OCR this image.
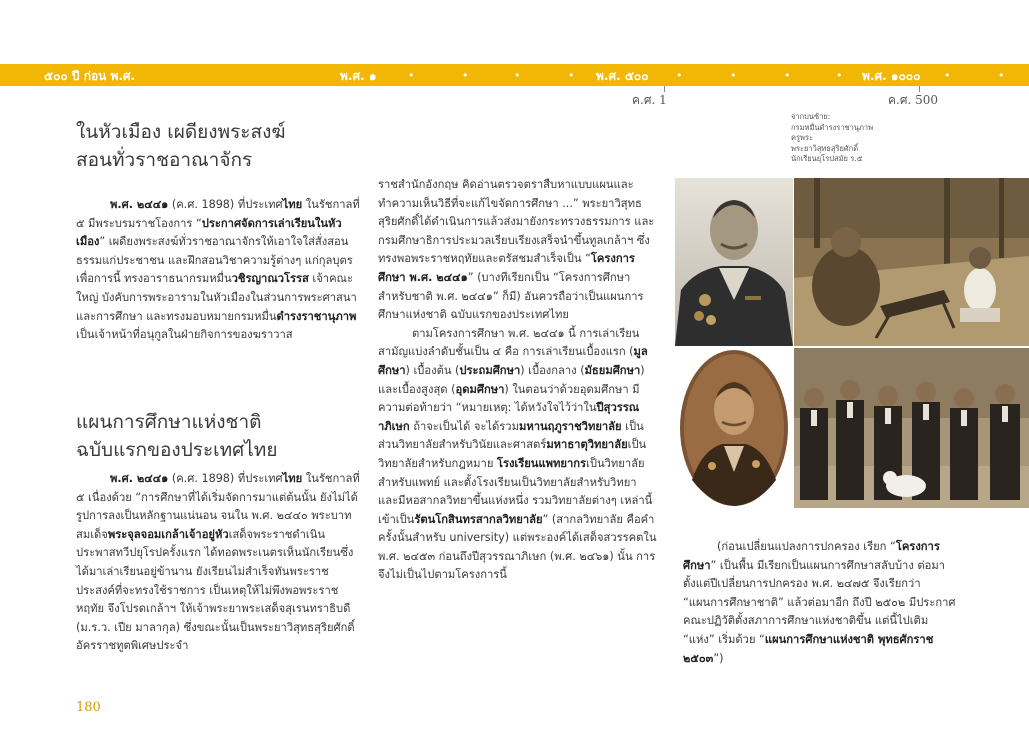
๕๐๐ ปี ก่อน พ.ศ.	พ.ศ. ๑	•	•	•	• พ.ศ. ๕๐๐ •	•	•	• พ.ศ. ๑๐๐๐ •	•
ค.ศ. 1	ค.ศ. 500
ในหัวเมือง เผดียงพระสงฆ์
สอนทั่วราชอาณาจักร

พ.ศ. ๒๔๔๑ (ค.ศ. 1898) ที่ประเทศไทย ในรัชกาลที่ ๕ มีพระบรมราชโองการ “ประกาศจัดการเล่าเรียนในหัวเมือง” เผดียงพระสงฆ์ทั่วราชอาณาจักรให้เอาใจใส่สั่งสอนธรรมแก่ประชาชน และฝึกสอนวิชาความรู้ต่างๆ แก่กุลบุตร เพื่อการนี้ ทรงอาราธนากรมหมื่นวชิรญาณวโรรส เจ้าคณะใหญ่ บังคับการพระอารามในหัวเมืองในส่วนการพระศาสนาและการศึกษา และทรงมอบหมายกรมหมื่นดำรงราชานุภาพเป็นเจ้าหน้าที่อนุกูลในฝ่ายกิจการของฆราวาส

แผนการศึกษาแห่งชาติ
ฉบับแรกของประเทศไทย

พ.ศ. ๒๔๔๑ (ค.ศ. 1898) ที่ประเทศไทย ในรัชกาลที่ ๕ เนื่องด้วย “การศึกษาที่ได้เริ่มจัดการมาแต่ต้นนั้น ยังไม่ได้รูปการลงเป็นหลักฐานแน่นอน จนใน พ.ศ. ๒๔๔๐ พระบาทสมเด็จพระจุลจอมเกล้าเจ้าอยู่หัวเสด็จพระราชดำเนินประพาสทวีปยุโรปครั้งแรก ได้ทอดพระเนตรเห็นนักเรียนซึ่งได้มาเล่าเรียนอยู่ข้านาน ยังเรียนไม่สำเร็จทันพระราชประสงค์ที่จะทรงใช้ราชการ เป็นเหตุให้ไม่พึงพอพระราชหฤทัย จึงโปรดเกล้าฯ ให้เจ้าพระยาพระเสด็จสุเรนทราธิบดี (ม.ร.ว. เปีย มาลากุล) ซึ่งขณะนั้นเป็นพระยาวิสุทธสุริยศักดิ์ อัครราชทูตพิเศษประจำ

ราชสำนักอังกฤษ คิดอ่านตรวจตราสืบหาแบบแผนและทำความเห็นวิธีที่จะแก้ไขจัดการศึกษา ...” พระยาวิสุทธสุริยศักดิ์ได้ดำเนินการแล้วส่งมายังกระทรวงธรรมการ และกรมศึกษาธิการประมวลเรียบเรียงเสร็จนำขึ้นทูลเกล้าฯ ซึ่งทรงพอพระราชหฤทัยและตรัสชมสำเร็จเป็น “โครงการศึกษา พ.ศ. ๒๔๔๑” (บางทีเรียกเป็น “โครงการศึกษาสำหรับชาติ พ.ศ. ๒๔๔๑” ก็มี) อันควรถือว่าเป็นแผนการศึกษาแห่งชาติ ฉบับแรกของประเทศไทย

ตามโครงการศึกษา พ.ศ. ๒๔๔๑ นี้ การเล่าเรียนสามัญแบ่งลำดับชั้นเป็น ๔ คือ การเล่าเรียนเบื้องแรก (มูลศึกษา) เบื้องต้น (ประถมศึกษา) เบื้องกลาง (มัธยมศึกษา) และเบื้องสูงสุด (อุดมศึกษา) ในตอนว่าด้วยอุดมศึกษา มีความต่อท้ายว่า “หมายเหตุ: ได้หวังใจไว้ว่าในปีสุวรรณาภิเษก ถ้าจะเป็นได้ จะได้รวมมหานฤภูราชวิทยาลัย เป็นส่วนวิทยาลัยสำหรับวินัยและศาสตร์มหาธาตุวิทยาลัยเป็นวิทยาลัยสำหรับกฎหมาย โรงเรียนแพทยากรเป็นวิทยาลัยสำหรับแพทย์ และตั้งโรงเรียนเป็นวิทยาลัยสำหรับวิทยา และมีหอสากลวิทยาขึ้นแห่งหนึ่ง รวมวิทยาลัยต่างๆ เหล่านี้ เข้าเป็นรัตนโกสินทรสากลวิทยาลัย” (สากลวิทยาลัย คือคำครั้งนั้นสำหรับ university) แต่พระองค์ได้เสด็จสวรรคตใน พ.ศ. ๒๔๕๓ ก่อนถึงปีสุวรรณาภิเษก (พ.ศ. ๒๔๖๑) นั้น การจึงไม่เป็นไปตามโครงการนี้

จากบนซ้าย:
กรมหมื่นดำรงราชานุภาพ
ครูพระ
พระยาวิสุทธสุริยศักดิ์
นักเรียนยุโรปสมัย ร.๕

(ก่อนเปลี่ยนแปลงการปกครอง เรียก “โครงการศึกษา” เป็นพื้น มีเรียกเป็นแผนการศึกษาสลับบ้าง ต่อมา ตั้งแต่ปีเปลี่ยนการปกครอง พ.ศ. ๒๔๗๕ จึงเรียกว่า “แผนการศึกษาชาติ” แล้วต่อมาอีก ถึงปี ๒๕๐๒ มีประกาศคณะปฏิวัติตั้งสภาการศึกษาแห่งชาติขึ้น แต่นี้ไปเติม “แห่ง” เริ่มด้วย “แผนการศึกษาแห่งชาติ พุทธศักราช ๒๕๐๓”)

180
